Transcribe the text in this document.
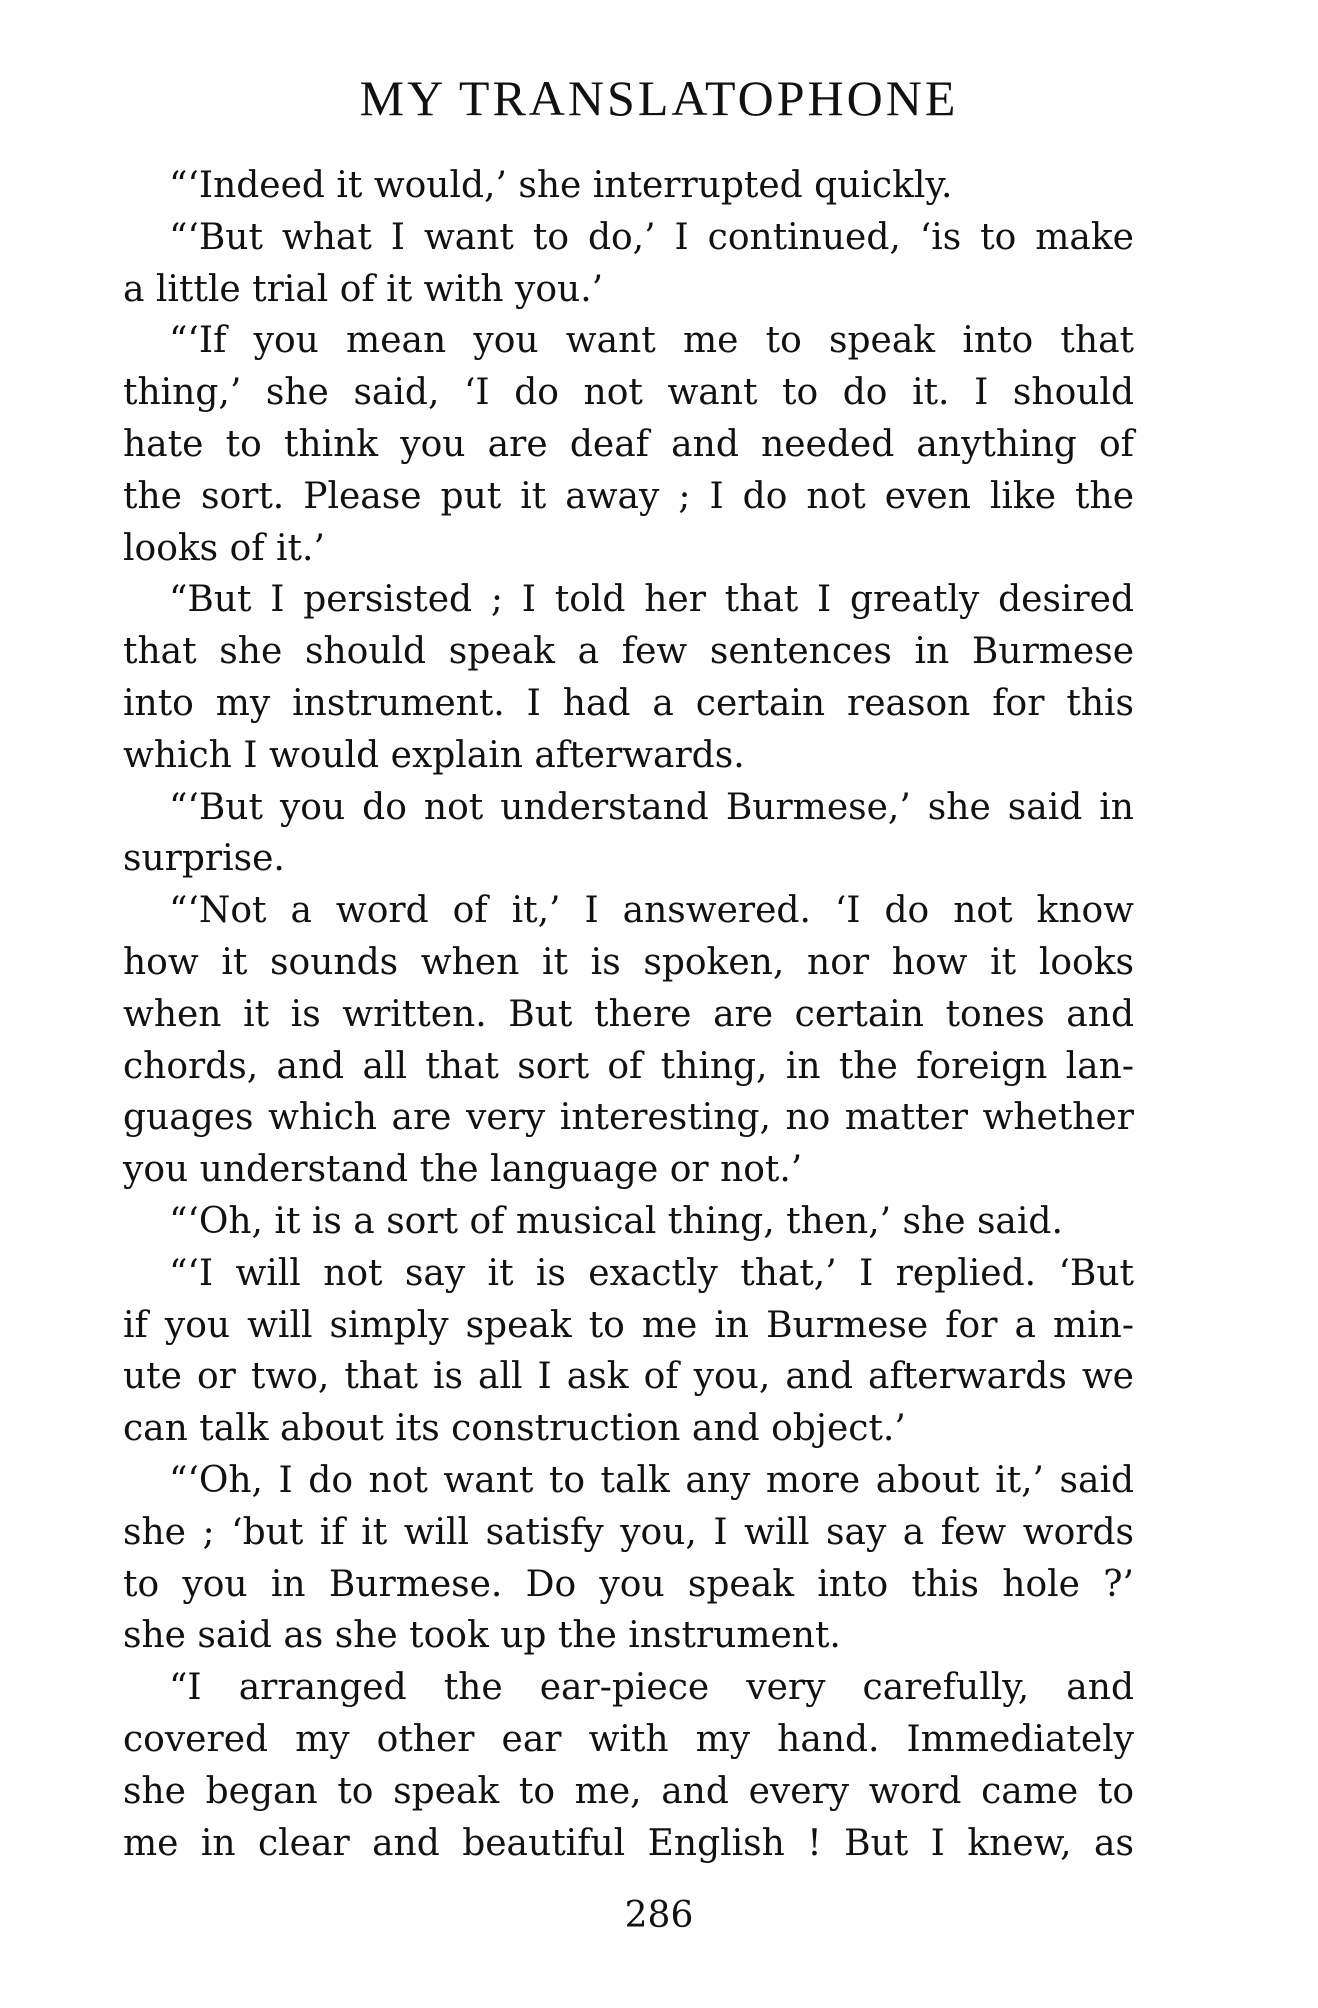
MY TRANSLATOPHONE
“‘Indeed it would,’ she interrupted quickly.
“‘But what I want to do,’ I continued, ‘is to make
a little trial of it with you.’
“‘If you mean you want me to speak into that
thing,’ she said, ‘I do not want to do it. I should
hate to think you are deaf and needed anything of
the sort. Please put it away ; I do not even like the
looks of it.’
“But I persisted ; I told her that I greatly desired
that she should speak a few sentences in Burmese
into my instrument. I had a certain reason for this
which I would explain afterwards.
“‘But you do not understand Burmese,’ she said in
surprise.
“‘Not a word of it,’ I answered. ‘I do not know
how it sounds when it is spoken, nor how it looks
when it is written. But there are certain tones and
chords, and all that sort of thing, in the foreign lan-
guages which are very interesting, no matter whether
you understand the language or not.’
“‘Oh, it is a sort of musical thing, then,’ she said.
“‘I will not say it is exactly that,’ I replied. ‘But
if you will simply speak to me in Burmese for a min-
ute or two, that is all I ask of you, and afterwards we
can talk about its construction and object.’
“‘Oh, I do not want to talk any more about it,’ said
she ; ‘but if it will satisfy you, I will say a few words
to you in Burmese. Do you speak into this hole ?’
she said as she took up the instrument.
“I arranged the ear-piece very carefully, and
covered my other ear with my hand. Immediately
she began to speak to me, and every word came to
me in clear and beautiful English ! But I knew, as
286
